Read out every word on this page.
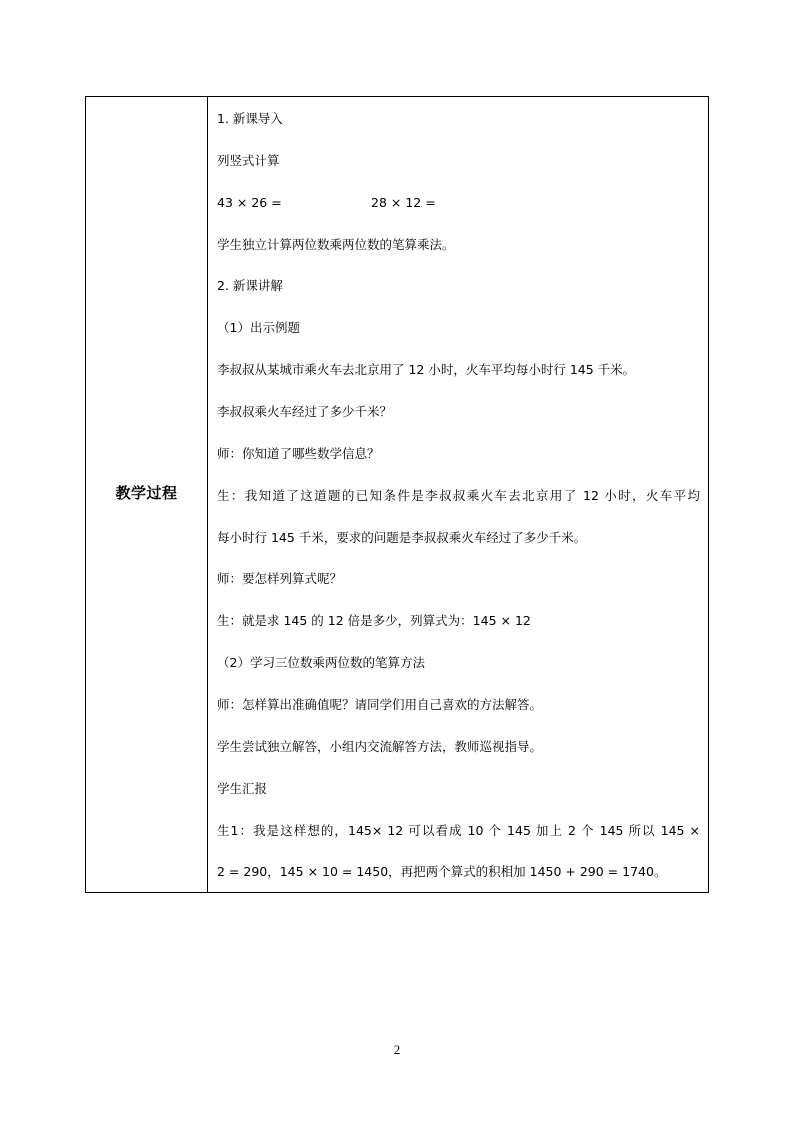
教学过程
1. 新课导入
列竖式计算
43 × 26 =	28 × 12 =
学生独立计算两位数乘两位数的笔算乘法。
2. 新课讲解
（1）出示例题
李叔叔从某城市乘火车去北京用了 12 小时，火车平均每小时行 145 千米。
李叔叔乘火车经过了多少千米？
师：你知道了哪些数学信息？
生：我知道了这道题的已知条件是李叔叔乘火车去北京用了 12 小时，火车平均
每小时行 145 千米，要求的问题是李叔叔乘火车经过了多少千米。
师：要怎样列算式呢？
生：就是求 145 的 12 倍是多少，列算式为：145 × 12
（2）学习三位数乘两位数的笔算方法
师：怎样算出准确值呢？请同学们用自己喜欢的方法解答。
学生尝试独立解答，小组内交流解答方法，教师巡视指导。
学生汇报
生1：我是这样想的，145× 12 可以看成 10 个 145 加上 2 个 145 所以 145 ×
2 = 290，145 × 10 = 1450，再把两个算式的积相加 1450 + 290 = 1740。
2
